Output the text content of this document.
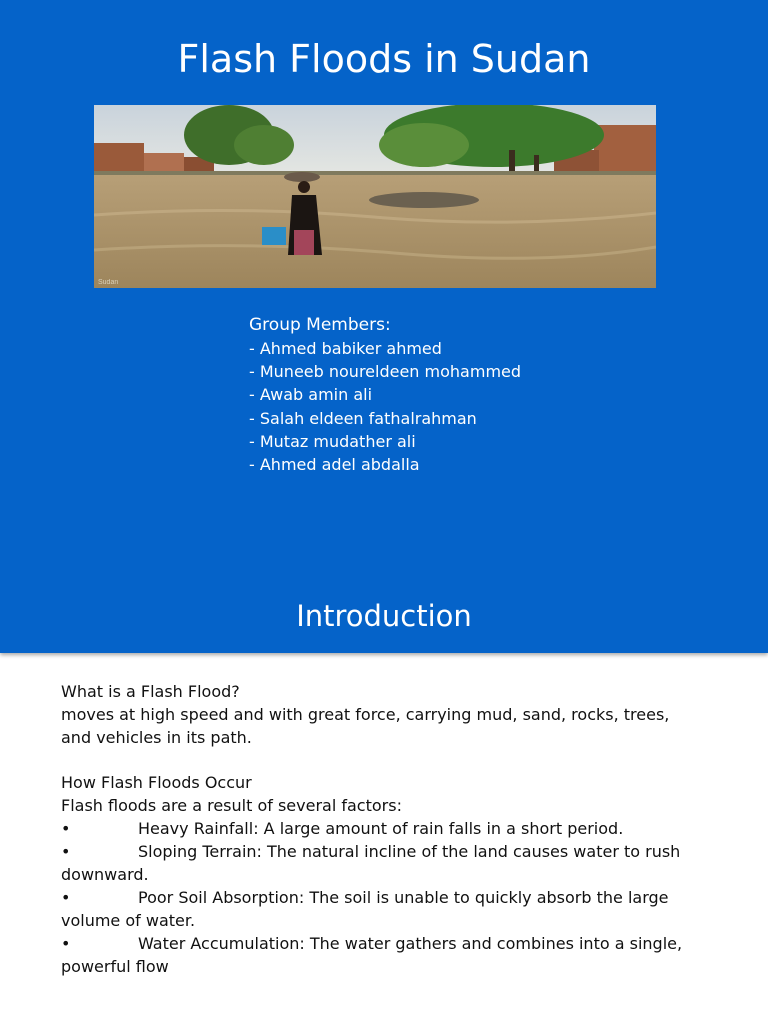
Flash Floods in Sudan
Sudan
Group Members:
- Ahmed babiker ahmed
- Muneeb noureldeen mohammed
- Awab amin ali
- Salah eldeen fathalrahman
- Mutaz mudather ali
- Ahmed adel abdalla
Introduction

What is a Flash Flood?

moves at high speed and with great force, carrying mud, sand, rocks, trees, and vehicles in its path.

How Flash Floods Occur

Flash floods are a result of several factors:

•	Heavy Rainfall: A large amount of rain falls in a short period.

•	Sloping Terrain: The natural incline of the land causes water to rush downward.

•	Poor Soil Absorption: The soil is unable to quickly absorb the large volume of water.

•	Water Accumulation: The water gathers and combines into a single, powerful flow
